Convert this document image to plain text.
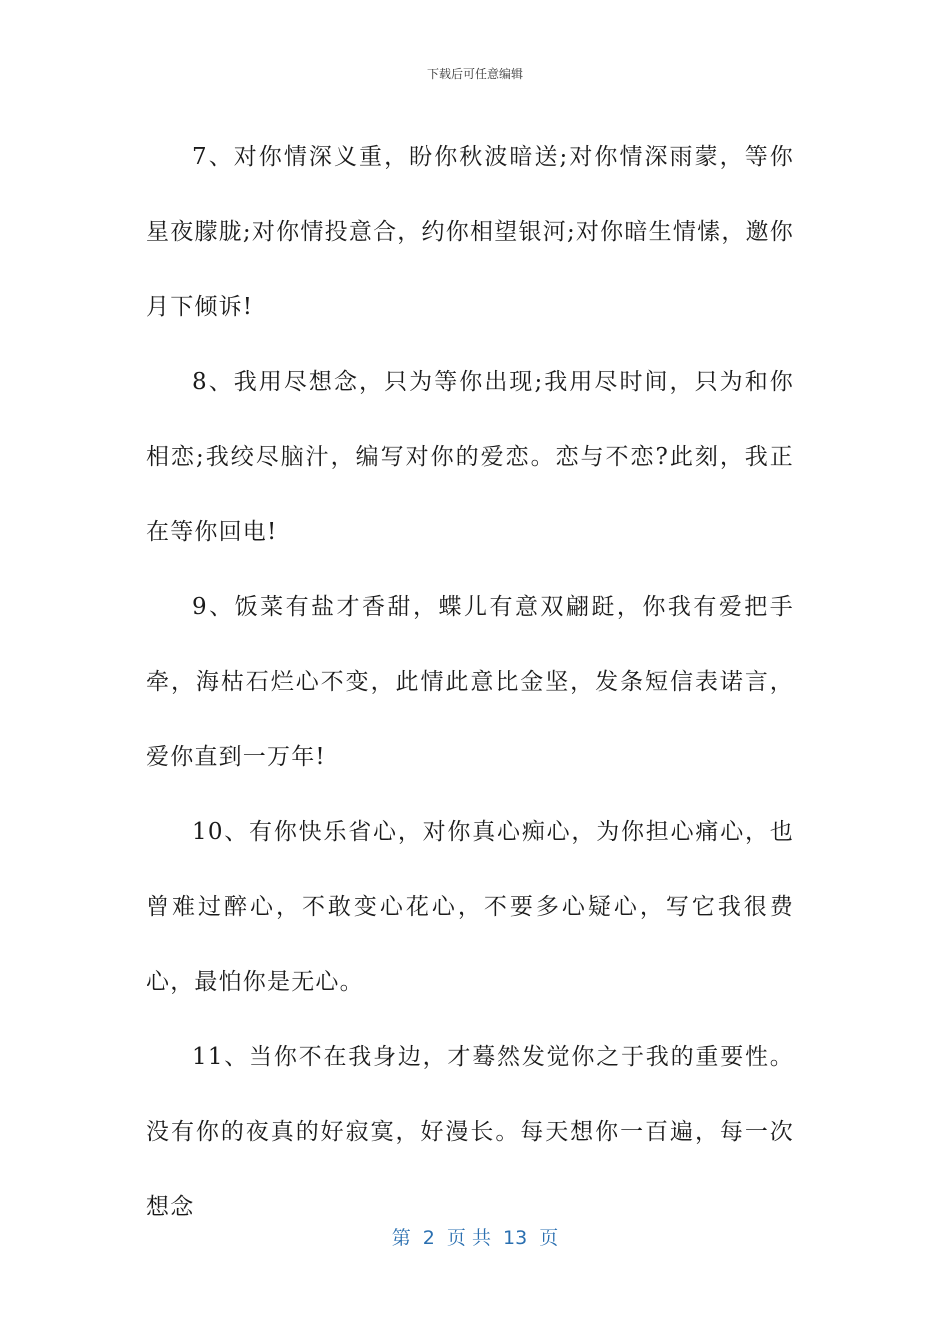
下载后可任意编辑

7、对你情深义重，盼你秋波暗送;对你情深雨蒙，等你星夜朦胧;对你情投意合，约你相望银河;对你暗生情愫，邀你月下倾诉!

8、我用尽想念，只为等你出现;我用尽时间，只为和你相恋;我绞尽脑汁，编写对你的爱恋。恋与不恋?此刻，我正在等你回电!

9、饭菜有盐才香甜，蝶儿有意双翩跹，你我有爱把手牵，海枯石烂心不变，此情此意比金坚，发条短信表诺言，爱你直到一万年!

10、有你快乐省心，对你真心痴心，为你担心痛心，也曾难过醉心，不敢变心花心，不要多心疑心，写它我很费心，最怕你是无心。

11、当你不在我身边，才蓦然发觉你之于我的重要性。没有你的夜真的好寂寞，好漫长。每天想你一百遍，每一次想念

第  2  页 共  13  页
